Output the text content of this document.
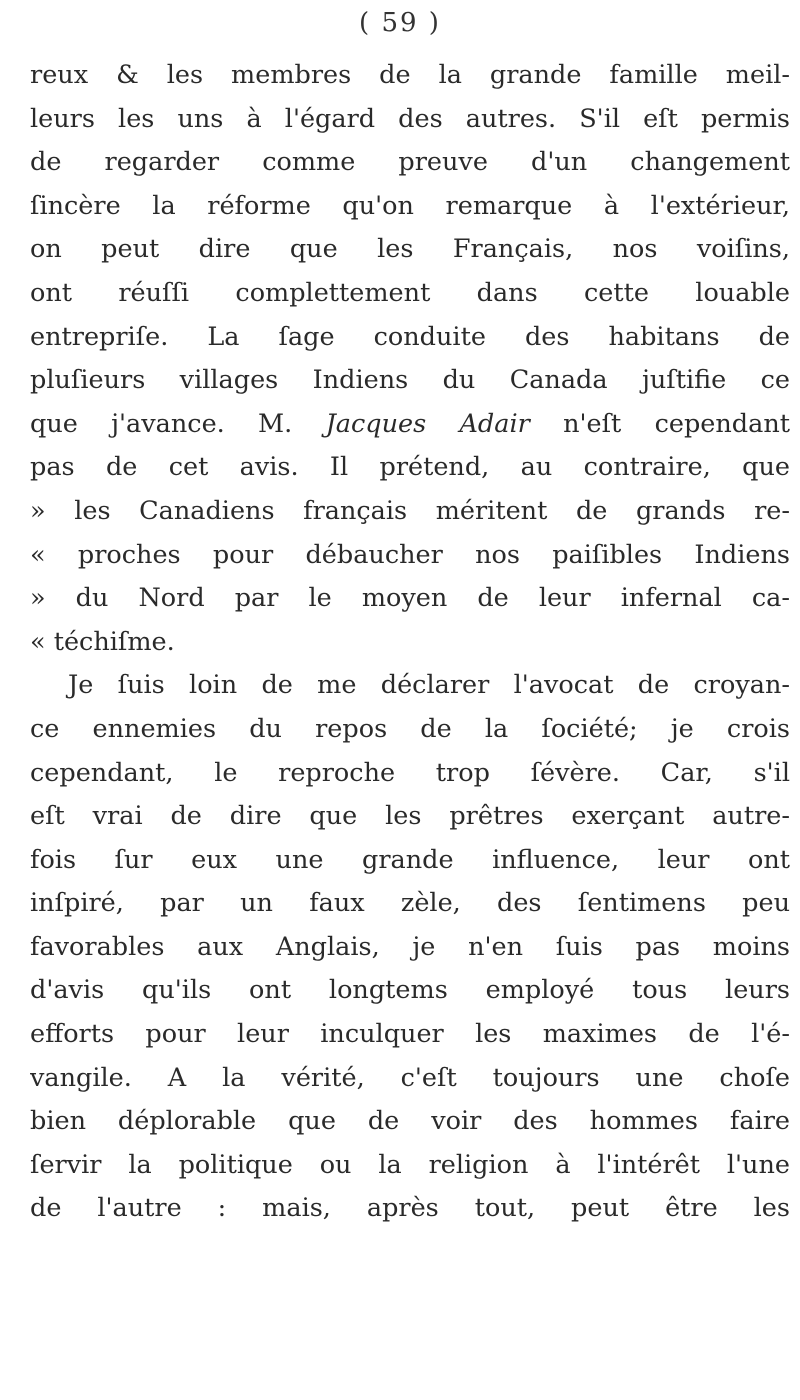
( 59 )
reux & les membres de la grande famille meil-
leurs les uns à l'égard des autres. S'il eſt permis
de regarder comme preuve d'un changement
ſincère la réforme qu'on remarque à l'extérieur,
on peut dire que les Français, nos voiſins,
ont réuſſi complettement dans cette louable
entrepriſe. La ſage conduite des habitans de
pluſieurs villages Indiens du Canada juſtifie ce
que j'avance. M. Jacques Adair n'eſt cependant
pas de cet avis. Il prétend, au contraire, que
» les Canadiens français méritent de grands re-
« proches pour débaucher nos paiſibles Indiens
» du Nord par le moyen de leur infernal ca-
« téchiſme.
Je ſuis loin de me déclarer l'avocat de croyan-
ce ennemies du repos de la ſociété; je crois
cependant, le reproche trop ſévère. Car, s'il
eſt vrai de dire que les prêtres exerçant autre-
fois ſur eux une grande influence, leur ont
inſpiré, par un faux zèle, des ſentimens peu
favorables aux Anglais, je n'en ſuis pas moins
d'avis qu'ils ont longtems employé tous leurs
efforts pour leur inculquer les maximes de l'é-
vangile. A la vérité, c'eſt toujours une choſe
bien déplorable que de voir des hommes faire
ſervir la politique ou la religion à l'intérêt l'une
de l'autre : mais, après tout, peut être les
